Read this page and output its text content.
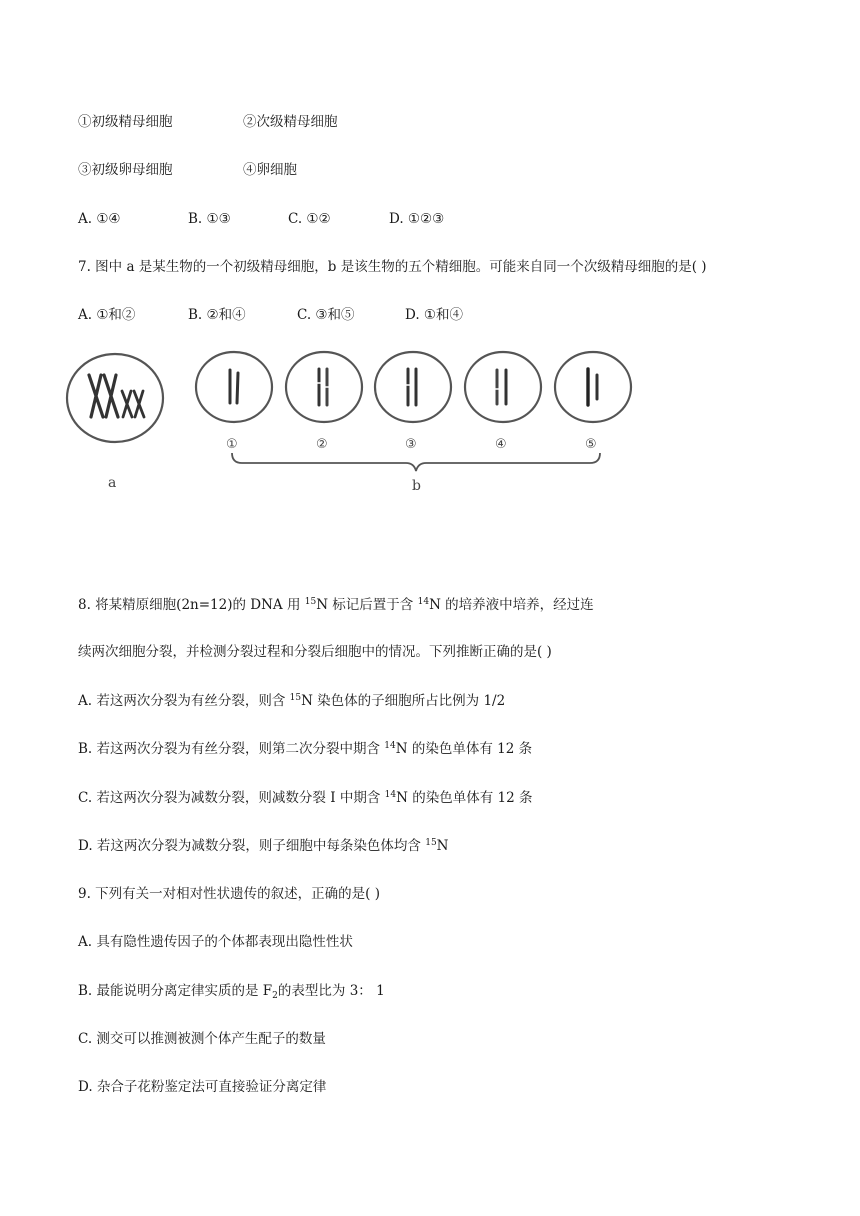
①初级精母细胞	②次级精母细胞
③初级卵母细胞	④卵细胞
A. ①④	B. ①③	C. ①②	D. ①②③
7. 图中 a 是某生物的一个初级精母细胞，b 是该生物的五个精细胞。可能来自同一个次级精母细胞的是( )
A. ①和②	B. ②和④	C. ③和⑤	D. ①和④
a
①	②	③	④	⑤
b
8. 将某精原细胞(2n=12)的 DNA 用 $^{15}$N 标记后置于含 $^{14}$N 的培养液中培养，经过连
续两次细胞分裂，并检测分裂过程和分裂后细胞中的情况。下列推断正确的是( )
A. 若这两次分裂为有丝分裂，则含 $^{15}$N 染色体的子细胞所占比例为 1/2
B. 若这两次分裂为有丝分裂，则第二次分裂中期含 $^{14}$N 的染色单体有 12 条
C. 若这两次分裂为减数分裂，则减数分裂 I 中期含 $^{14}$N 的染色单体有 12 条
D. 若这两次分裂为减数分裂，则子细胞中每条染色体均含 $^{15}$N
9. 下列有关一对相对性状遗传的叙述，正确的是( )
A. 具有隐性遗传因子的个体都表现出隐性性状
B. 最能说明分离定律实质的是 $F_2$的表型比为 3： 1
C. 测交可以推测被测个体产生配子的数量
D. 杂合子花粉鉴定法可直接验证分离定律
